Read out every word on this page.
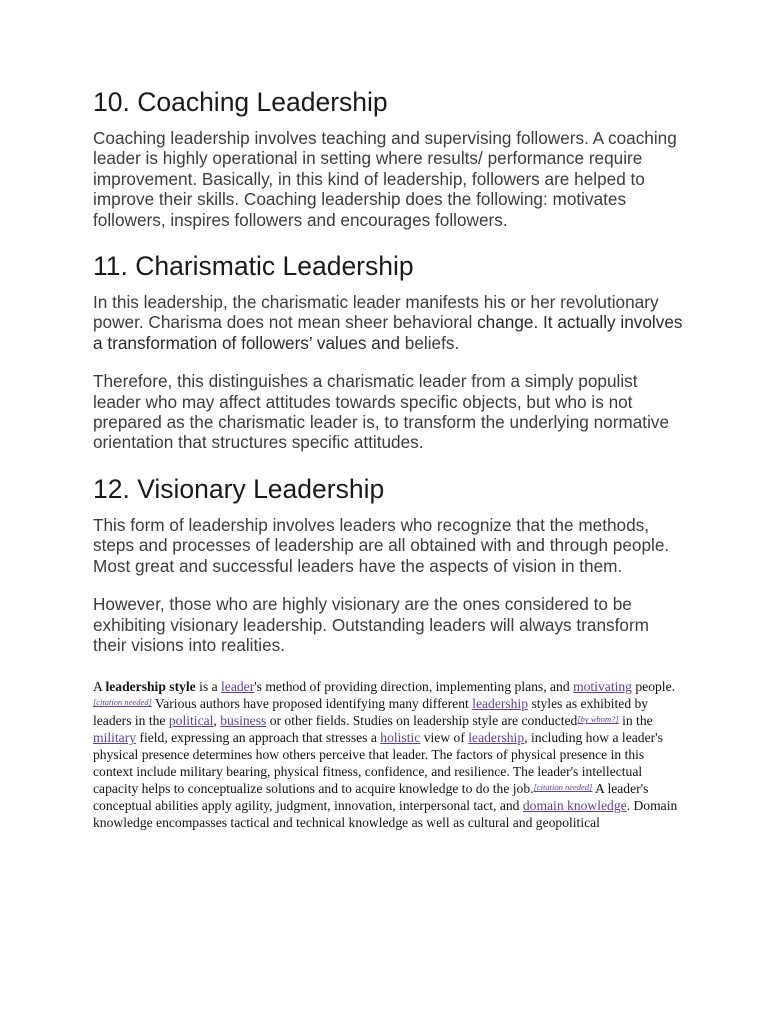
10. Coaching Leadership

Coaching leadership involves teaching and supervising followers. A coaching leader is highly operational in setting where results/ performance require improvement. Basically, in this kind of leadership, followers are helped to improve their skills. Coaching leadership does the following: motivates followers, inspires followers and encourages followers.

11. Charismatic Leadership

In this leadership, the charismatic leader manifests his or her revolutionary power. Charisma does not mean sheer behavioral change. It actually involves a transformation of followers’ values and beliefs.

Therefore, this distinguishes a charismatic leader from a simply populist leader who may affect attitudes towards specific objects, but who is not prepared as the charismatic leader is, to transform the underlying normative orientation that structures specific attitudes.

12. Visionary Leadership

This form of leadership involves leaders who recognize that the methods, steps and processes of leadership are all obtained with and through people. Most great and successful leaders have the aspects of vision in them.

However, those who are highly visionary are the ones considered to be exhibiting visionary leadership. Outstanding leaders will always transform their visions into realities.

A leadership style is a leader's method of providing direction, implementing plans, and motivating people.[citation needed] Various authors have proposed identifying many different leadership styles as exhibited by leaders in the political, business or other fields. Studies on leadership style are conducted[by whom?] in the military field, expressing an approach that stresses a holistic view of leadership, including how a leader's physical presence determines how others perceive that leader. The factors of physical presence in this context include military bearing, physical fitness, confidence, and resilience. The leader's intellectual capacity helps to conceptualize solutions and to acquire knowledge to do the job.[citation needed] A leader's conceptual abilities apply agility, judgment, innovation, interpersonal tact, and domain knowledge. Domain knowledge encompasses tactical and technical knowledge as well as cultural and geopolitical
